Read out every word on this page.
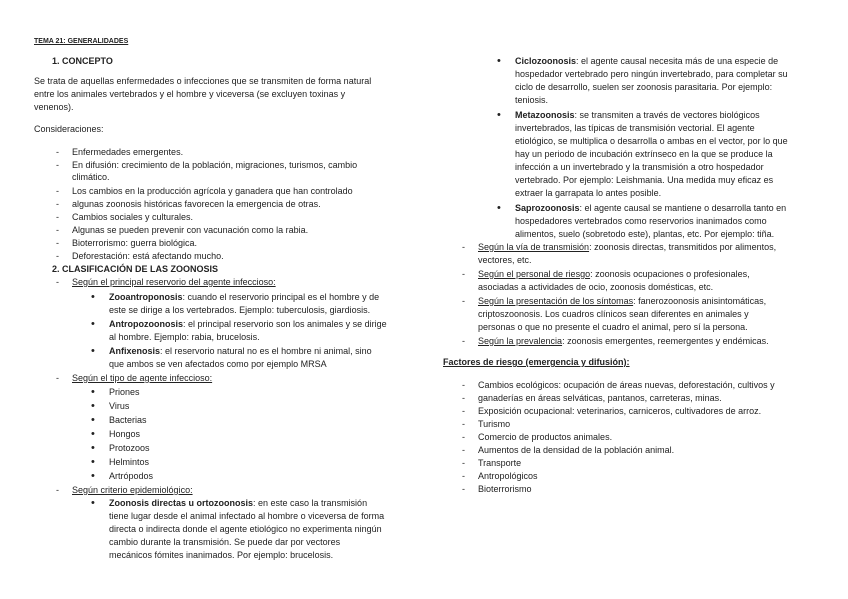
TEMA 21: GENERALIDADES
1. CONCEPTO
Se trata de aquellas enfermedades o infecciones que se transmiten de forma natural
entre los animales vertebrados y el hombre y viceversa (se excluyen toxinas y
venenos).
Consideraciones:
- Enfermedades emergentes.
- En difusión: crecimiento de la población, migraciones, turismos, cambio
climático.
- Los cambios en la producción agrícola y ganadera que han controlado
- algunas zoonosis históricas favorecen la emergencia de otras.
- Cambios sociales y culturales.
- Algunas se pueden prevenir con vacunación como la rabia.
- Bioterrorismo: guerra biológica.
- Deforestación: está afectando mucho.
2. CLASIFICACIÓN DE LAS ZOONOSIS
- Según el principal reservorio del agente infeccioso:
• Zooantroponosis: cuando el reservorio principal es el hombre y de
este se dirige a los vertebrados. Ejemplo: tuberculosis, giardiosis.
• Antropozoonosis: el principal reservorio son los animales y se dirige
al hombre. Ejemplo: rabia, brucelosis.
• Anfixenosis: el reservorio natural no es el hombre ni animal, sino
que ambos se ven afectados como por ejemplo MRSA
- Según el tipo de agente infeccioso:
• Priones
• Virus
• Bacterias
• Hongos
• Protozoos
• Helmintos
• Artrópodos
- Según criterio epidemiológico:
• Zoonosis directas u ortozoonosis: en este caso la transmisión
tiene lugar desde el animal infectado al hombre o viceversa de forma
directa o indirecta donde el agente etiológico no experimenta ningún
cambio durante la transmisión. Se puede dar por vectores
mecánicos fómites inanimados. Por ejemplo: brucelosis.
• Ciclozoonosis: el agente causal necesita más de una especie de
hospedador vertebrado pero ningún invertebrado, para completar su
ciclo de desarrollo, suelen ser zoonosis parasitaria. Por ejemplo:
teniosis.
• Metazoonosis: se transmiten a través de vectores biológicos
invertebrados, las típicas de transmisión vectorial. El agente
etiológico, se multiplica o desarrolla o ambas en el vector, por lo que
hay un periodo de incubación extrínseco en la que se produce la
infección a un invertebrado y la transmisión a otro hospedador
vertebrado. Por ejemplo: Leishmania. Una medida muy eficaz es
extraer la garrapata lo antes posible.
• Saprozoonosis: el agente causal se mantiene o desarrolla tanto en
hospedadores vertebrados como reservorios inanimados como
alimentos, suelo (sobretodo este), plantas, etc. Por ejemplo: tiña.
- Según la vía de transmisión: zoonosis directas, transmitidos por alimentos,
vectores, etc.
- Según el personal de riesgo: zoonosis ocupaciones o profesionales,
asociadas a actividades de ocio, zoonosis domésticas, etc.
- Según la presentación de los síntomas: fanerozoonosis anisintomáticas,
criptoszoonosis. Los cuadros clínicos sean diferentes en animales y
personas o que no presente el cuadro el animal, pero sí la persona.
- Según la prevalencia: zoonosis emergentes, reemergentes y endémicas.
Factores de riesgo (emergencia y difusión):
- Cambios ecológicos: ocupación de áreas nuevas, deforestación, cultivos y
- ganaderías en áreas selváticas, pantanos, carreteras, minas.
- Exposición ocupacional: veterinarios, carniceros, cultivadores de arroz.
- Turismo
- Comercio de productos animales.
- Aumentos de la densidad de la población animal.
- Transporte
- Antropológicos
- Bioterrorismo
